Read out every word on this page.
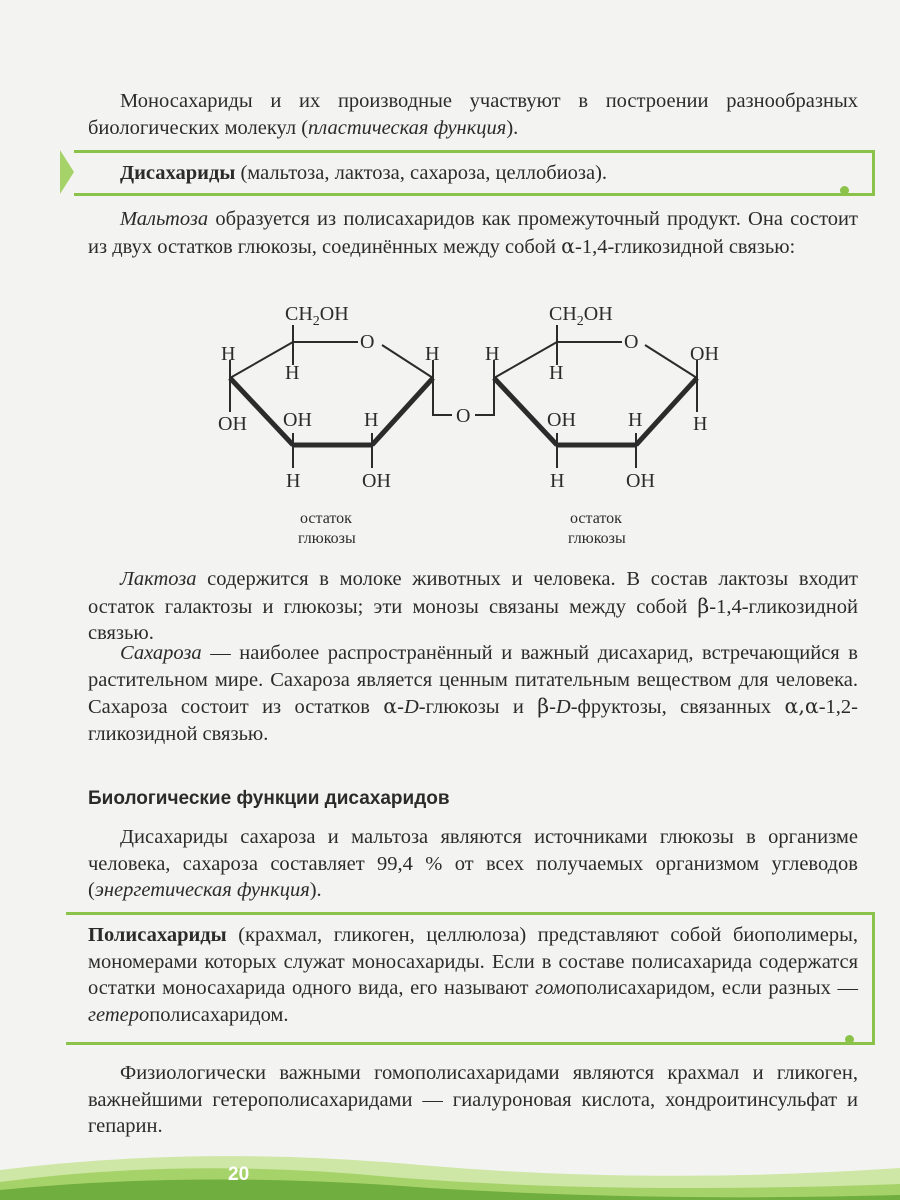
Моносахариды и их производные участвуют в построении разнообразных биологических молекул (пластическая функция).

Дисахариды (мальтоза, лактоза, сахароза, целлобиоза).

Мальтоза образуется из полисахаридов как промежуточный продукт. Она состоит из двух остатков глюкозы, соединённых между собой α-1,4-гликозидной связью:

$CH_2OH$
O
H
H
H
OH OH	H
H	OH
остаток
глюкозы
O
$CH_2OH$
O
H
H
OH
OH	H	H
H	OH
остаток
глюкозы

Лактоза содержится в молоке животных и человека. В состав лактозы входит остаток галактозы и глюкозы; эти монозы связаны между собой β-1,4-гликозидной связью.

Сахароза — наиболее распространённый и важный дисахарид, встречающийся в растительном мире. Сахароза является ценным питательным веществом для человека. Сахароза состоит из остатков α-D-глюкозы и β-D-фруктозы, связанных α,α-1,2-гликозидной связью.

Биологические функции дисахаридов

Дисахариды сахароза и мальтоза являются источниками глюкозы в организме человека, сахароза составляет 99,4 % от всех получаемых организмом углеводов (энергетическая функция).

Полисахариды (крахмал, гликоген, целлюлоза) представляют собой биополимеры, мономерами которых служат моносахариды. Если в составе полисахарида содержатся остатки моносахарида одного вида, его называют гомополисахаридом, если разных — гетерополисахаридом.

Физиологически важными гомополисахаридами являются крахмал и гликоген, важнейшими гетерополисахаридами — гиалуроновая кислота, хондроитинсульфат и гепарин.

20
